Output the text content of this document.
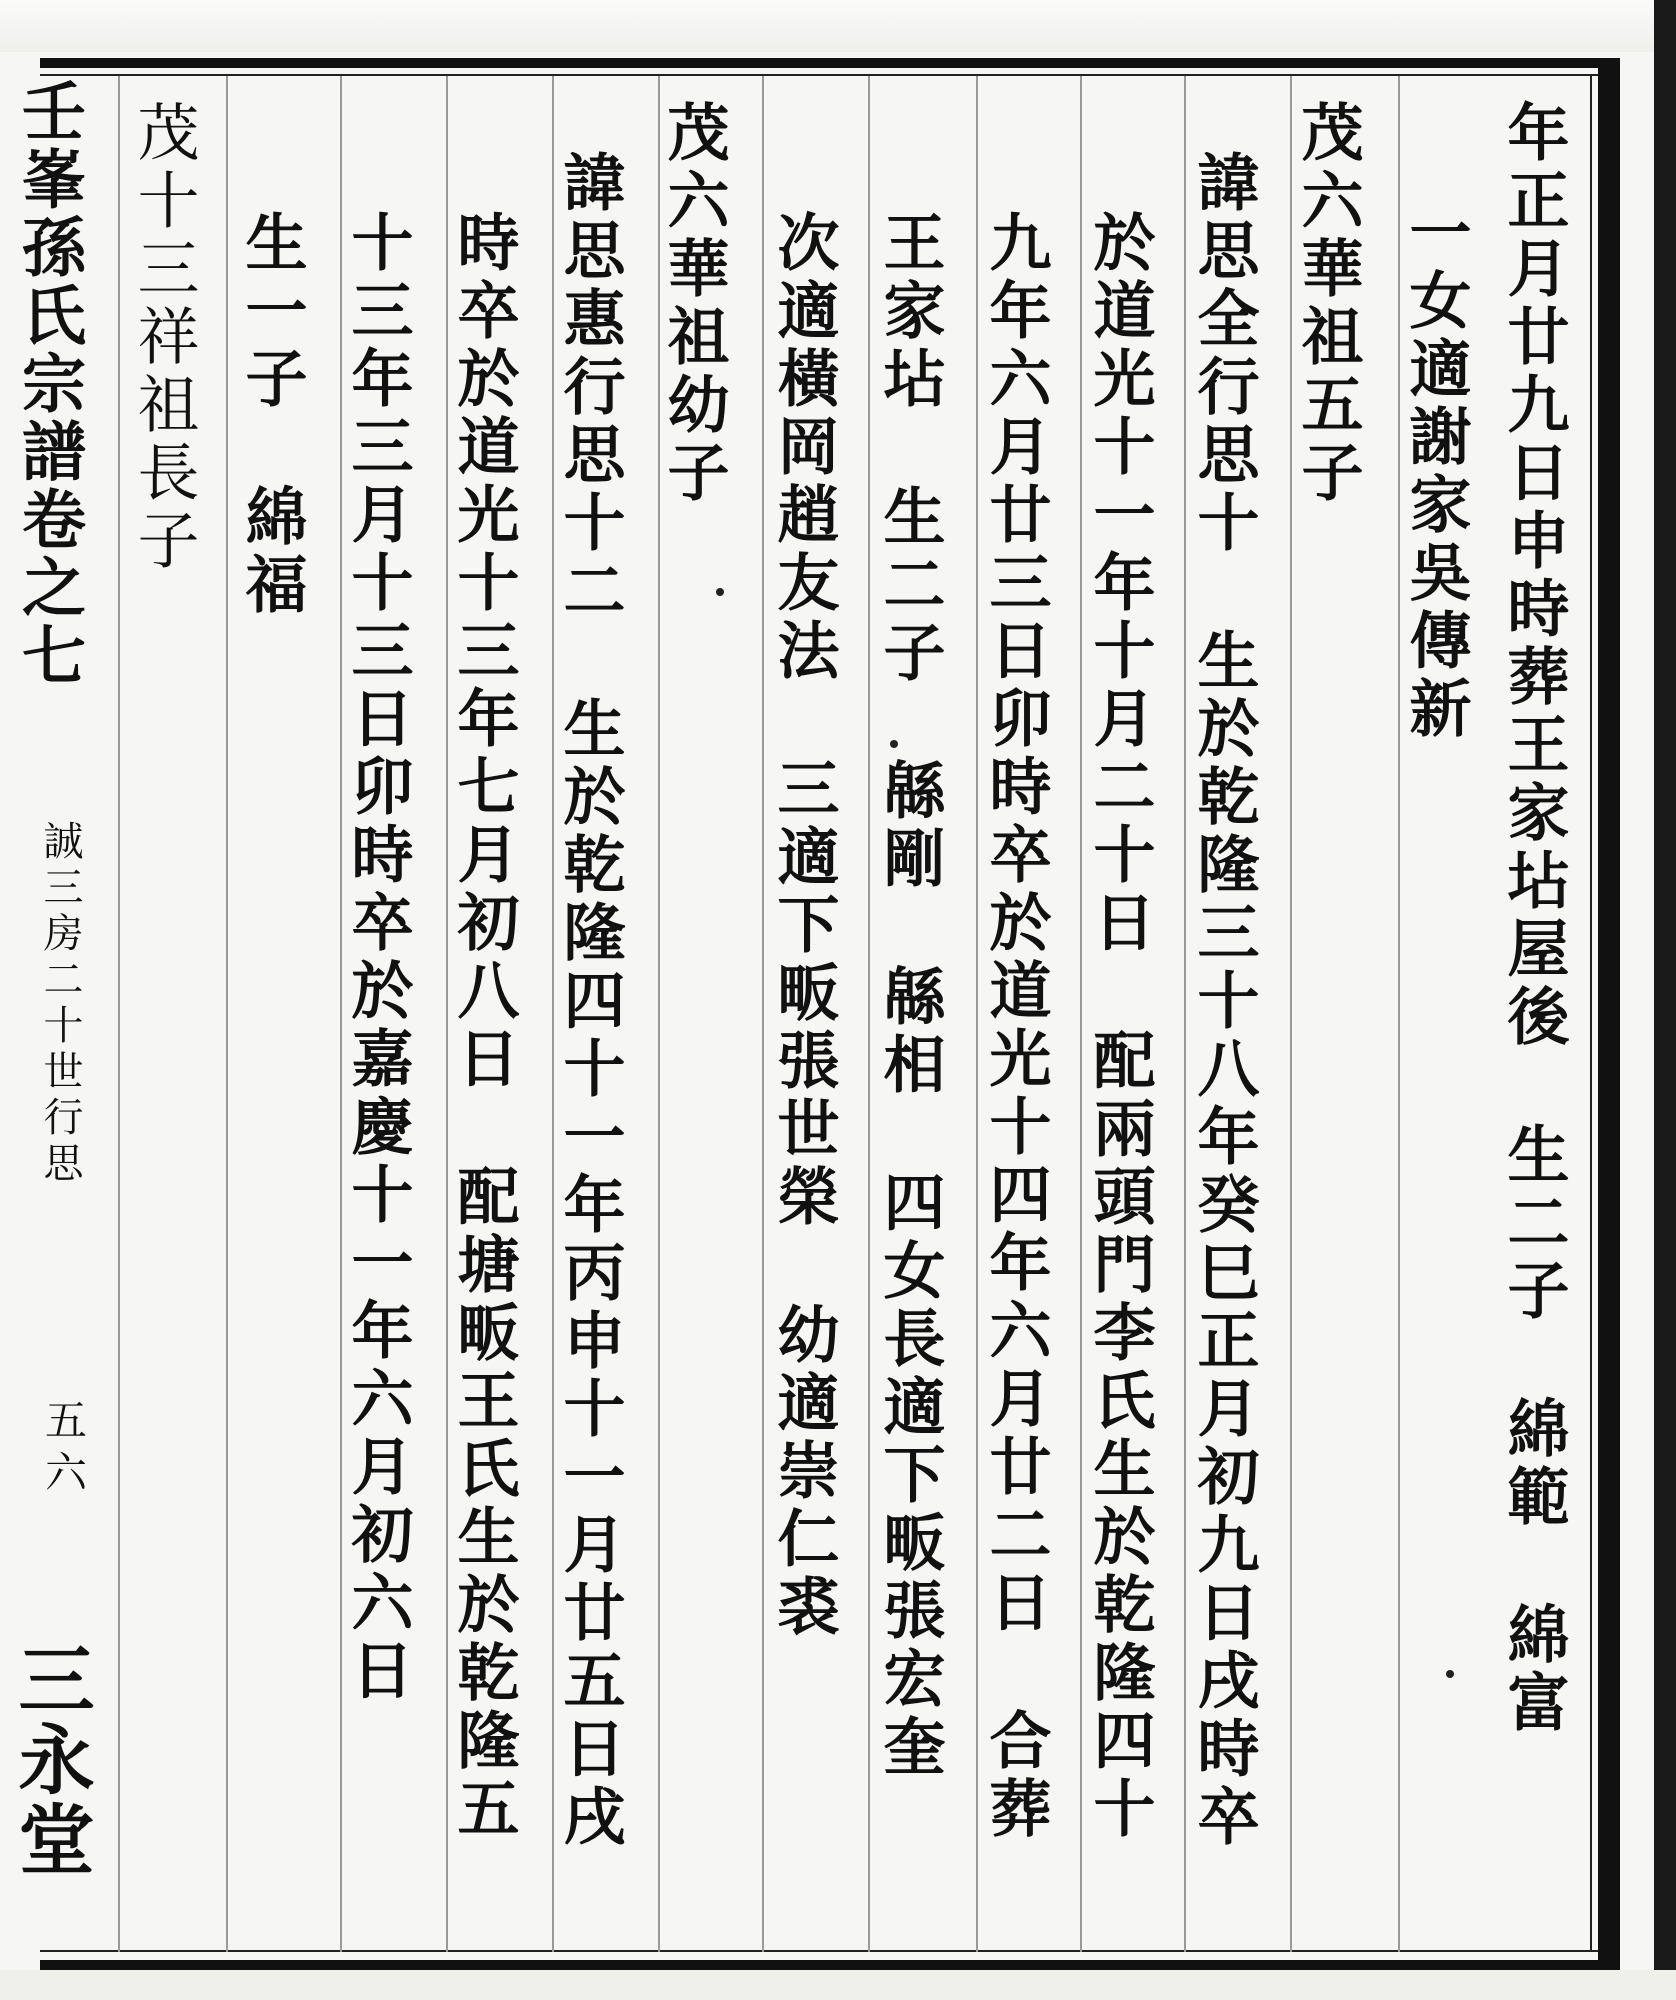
年正月廿九日申時葬王家坫屋後生二子綿範綿富
一女適謝家吳傳新
茂六華祖五子
諱思全行思十生於乾隆三十八年癸巳正月初九日戌時卒
於道光十一年十月二十日配兩頭門李氏生於乾隆四十
九年六月廿三日卯時卒於道光十四年六月廿二日合葬
王家坫生二子緜剛緜相四女長適下畈張宏奎
次適橫岡趙友法三適下畈張世榮幼適崇仁裘
茂六華祖幼子
諱思惠行思十二生於乾隆四十一年丙申十一月廿五日戌
時卒於道光十三年七月初八日配塘畈王氏生於乾隆五
十三年三月十三日卯時卒於嘉慶十一年六月初六日
生一子綿福
茂十三祥祖長子
壬峯孫氏宗譜卷之七
誠三房二十世行思
五六
三永堂
